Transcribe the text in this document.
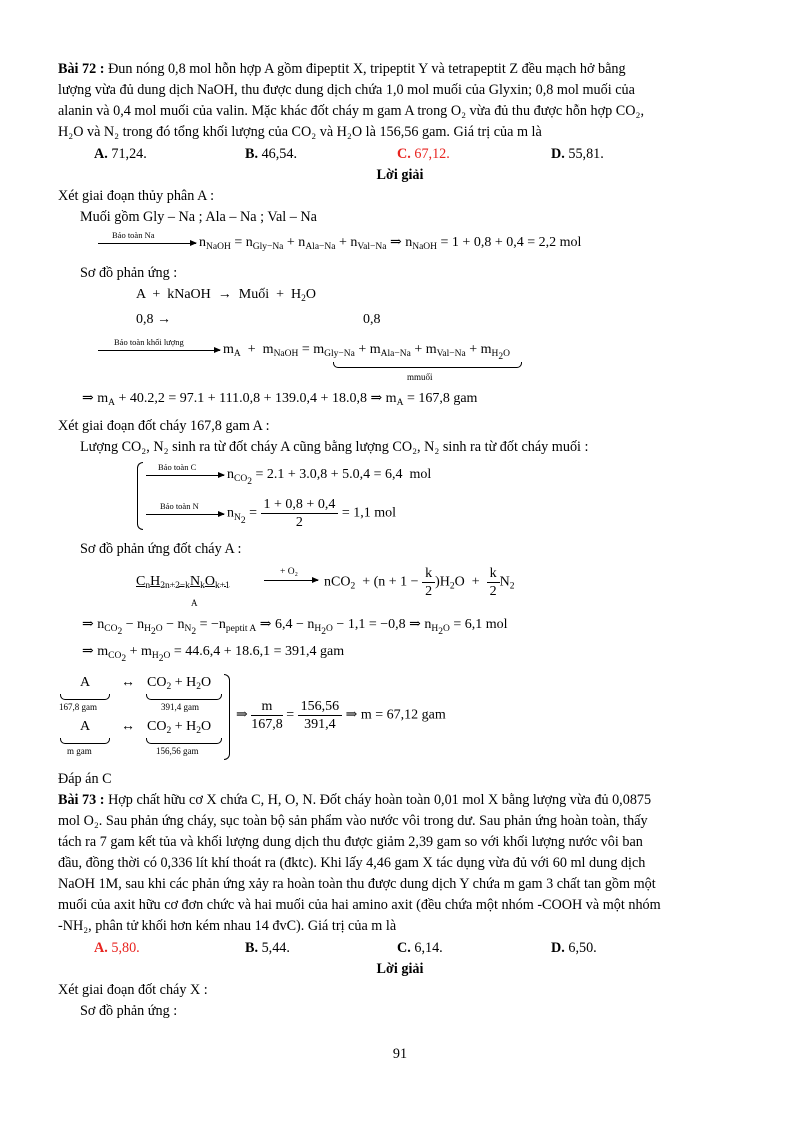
Bài 72 : Đun nóng 0,8 mol hỗn hợp A gồm đipeptit X, tripeptit Y và tetrapeptit Z đều mạch hở bằng
lượng vừa đủ dung dịch NaOH, thu được dung dịch chứa 1,0 mol muối của Glyxin; 0,8 mol muối của
alanin và 0,4 mol muối của valin. Mặc khác đốt cháy m gam A trong O₂ vừa đủ thu được hỗn hợp CO₂,
H₂O và N₂ trong đó tổng khối lượng của CO₂ và H₂O là 156,56 gam. Giá trị của m là
A. 71,24.	B. 46,54.	C. 67,12.	D. 55,81.
Lời giải
Xét giai đoạn thủy phân A :
Muối gồm Gly – Na ; Ala – Na ; Val – Na
Bảo toàn Na	$n_{NaOH} = n_{Gly-Na} + n_{Ala-Na} + n_{Val-Na}$ ⇒ $n_{NaOH} = 1 + 0,8 + 0,4 = 2,2$ mol
Sơ đồ phản ứng :
A  +  kNaOH  →  Muối  +  $H_2O$
0,8 →	0,8
Bảo toàn khối lượng	$m_A + m_{NaOH} = m_{Gly-Na} + m_{Ala-Na} + m_{Val-Na} + m_{H_2O}$
mmuối
⇒ $m_A + 40.2,2 = 97.1 + 111.0,8 + 139.0,4 + 18.0,8$ ⇒ $m_A = 167,8$ gam
Xét giai đoạn đốt cháy 167,8 gam A :
Lượng CO₂, N₂ sinh ra từ đốt cháy A cũng bằng lượng CO₂, N₂ sinh ra từ đốt cháy muối :
Bảo toàn C $n_{CO_2} = 2.1 + 3.0,8 + 5.0,4 = 6,4$  mol
Bảo toàn N $n_{N_2} = \frac{1 + 0,8 + 0,4}{2} = 1,1$ mol
Sơ đồ phản ứng đốt cháy A :
$C_nH_{2n+2-k}N_kO_{k+1}$
A
+ O₂
$nCO_2 + (n + 1 - \frac{k}{2} )H_2O + \frac{k}{2} N_2$
⇒ $n_{CO_2} - n_{H_2O} - n_{N_2} = -n_{peptit A}$ ⇒ $6,4 - n_{H_2O} - 1,1 = -0,8$ ⇒ $n_{H_2O} = 6,1$ mol
⇒ $m_{CO_2} + m_{H_2O} = 44.6,4 + 18.6,1 = 391,4$ gam
A
167,8 gam
↔ $CO_2 + H_2O$
391,4 gam
A
m gam
↔ $CO_2 + H_2O$
156,56 gam
⇒ $\frac{m}{167,8} = \frac{156,56}{391,4}$ ⇒ m = 67,12 gam
Đáp án C
Bài 73 : Hợp chất hữu cơ X chứa C, H, O, N. Đốt cháy hoàn toàn 0,01 mol X bằng lượng vừa đủ 0,0875
mol O₂. Sau phản ứng cháy, sục toàn bộ sản phẩm vào nước vôi trong dư. Sau phản ứng hoàn toàn, thấy
tách ra 7 gam kết tủa và khối lượng dung dịch thu được giảm 2,39 gam so với khối lượng nước vôi ban
đầu, đồng thời có 0,336 lít khí thoát ra (đktc). Khi lấy 4,46 gam X tác dụng vừa đủ với 60 ml dung dịch
NaOH 1M, sau khi các phản ứng xảy ra hoàn toàn thu được dung dịch Y chứa m gam 3 chất tan gồm một
muối của axit hữu cơ đơn chức và hai muối của hai amino axit (đều chứa một nhóm -COOH và một nhóm
-NH₂, phân tử khối hơn kém nhau 14 đvC). Giá trị của m là
A. 5,80.	B. 5,44.	C. 6,14.	D. 6,50.
Lời giải
Xét giai đoạn đốt cháy X :
Sơ đồ phản ứng :
91
